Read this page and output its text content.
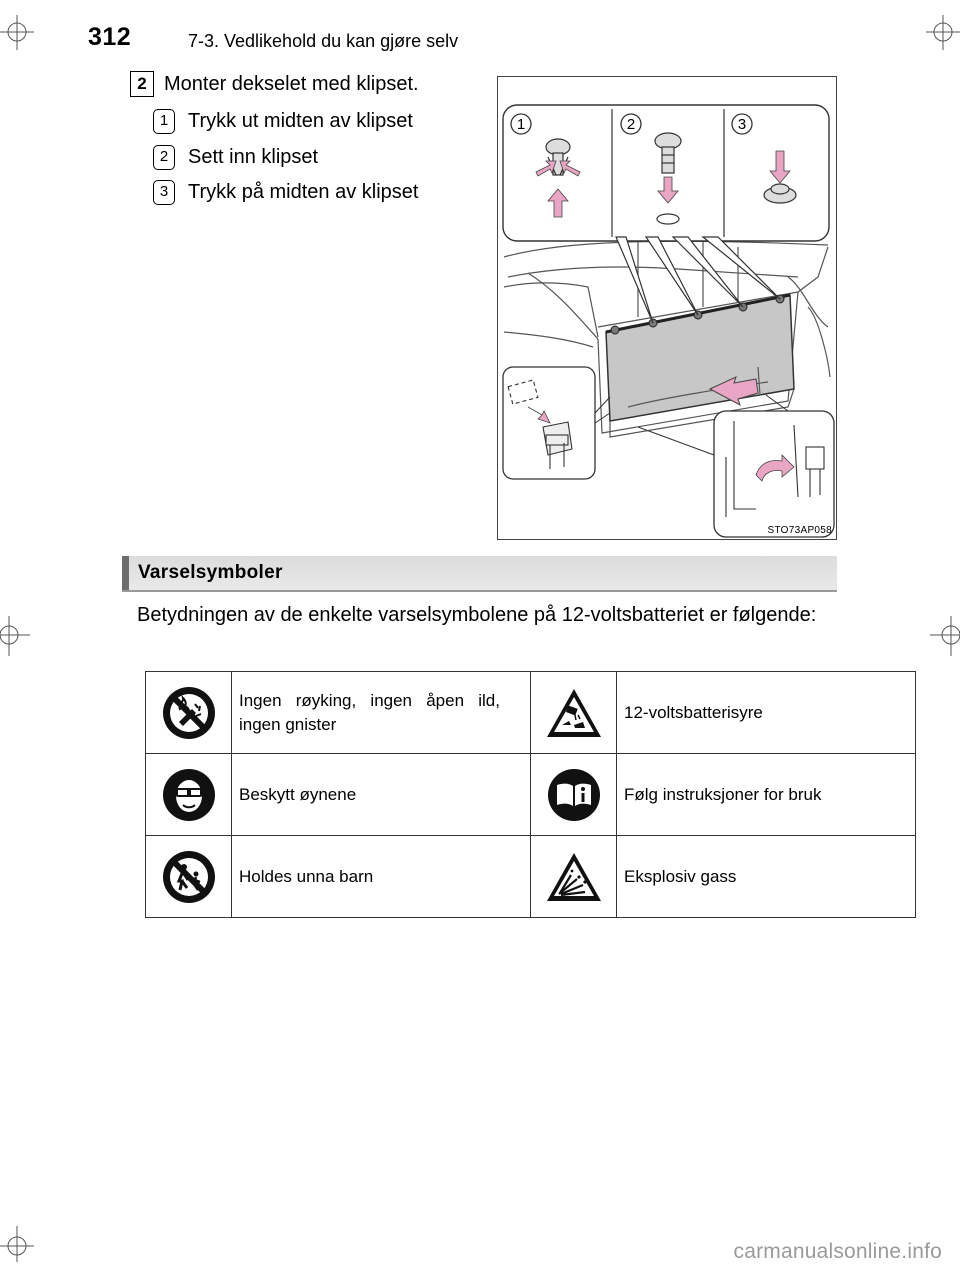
312	7-3. Vedlikehold du kan gjøre selv
2 Monter dekselet med klipset.
1 Trykk ut midten av klipset
2 Sett inn klipset
3 Trykk på midten av klipset
1	2	3
STO73AP058
Varselsymboler
Betydningen av de enkelte varselsymbolene på 12-voltsbatteriet er følgende:

Ingen røyking, ingen åpen ild, ingen gnister		12-voltsbatterisyre

Beskytt øynene		Følg instruksjoner for bruk

Holdes unna barn		Eksplosiv gass
carmanualsonline.info
